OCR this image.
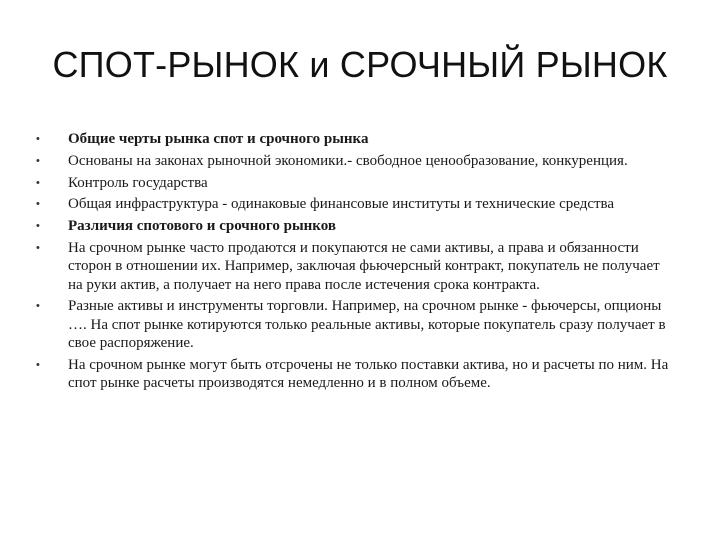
СПОТ-РЫНОК и СРОЧНЫЙ РЫНОК
•	Общие черты рынка спот и срочного рынка
•	Основаны на законах рыночной экономики.- свободное ценообразование, конкуренция.
•	Контроль государства
•	Общая инфраструктура - одинаковые финансовые институты и технические средства
•	Различия спотового и срочного рынков
•	На срочном рынке часто продаются и покупаются не сами активы, а права и обязанности сторон в отношении их. Например, заключая фьючерсный контракт, покупатель не получает на руки актив, а получает на него права после истечения срока контракта.
•	Разные активы и инструменты торговли. Например, на срочном рынке - фьючерсы, опционы …. На спот рынке котируются только реальные активы, которые покупатель сразу получает в свое распоряжение.
•	На срочном рынке могут быть отсрочены не только поставки актива, но и расчеты по ним. На спот рынке расчеты производятся немедленно и в полном объеме.
